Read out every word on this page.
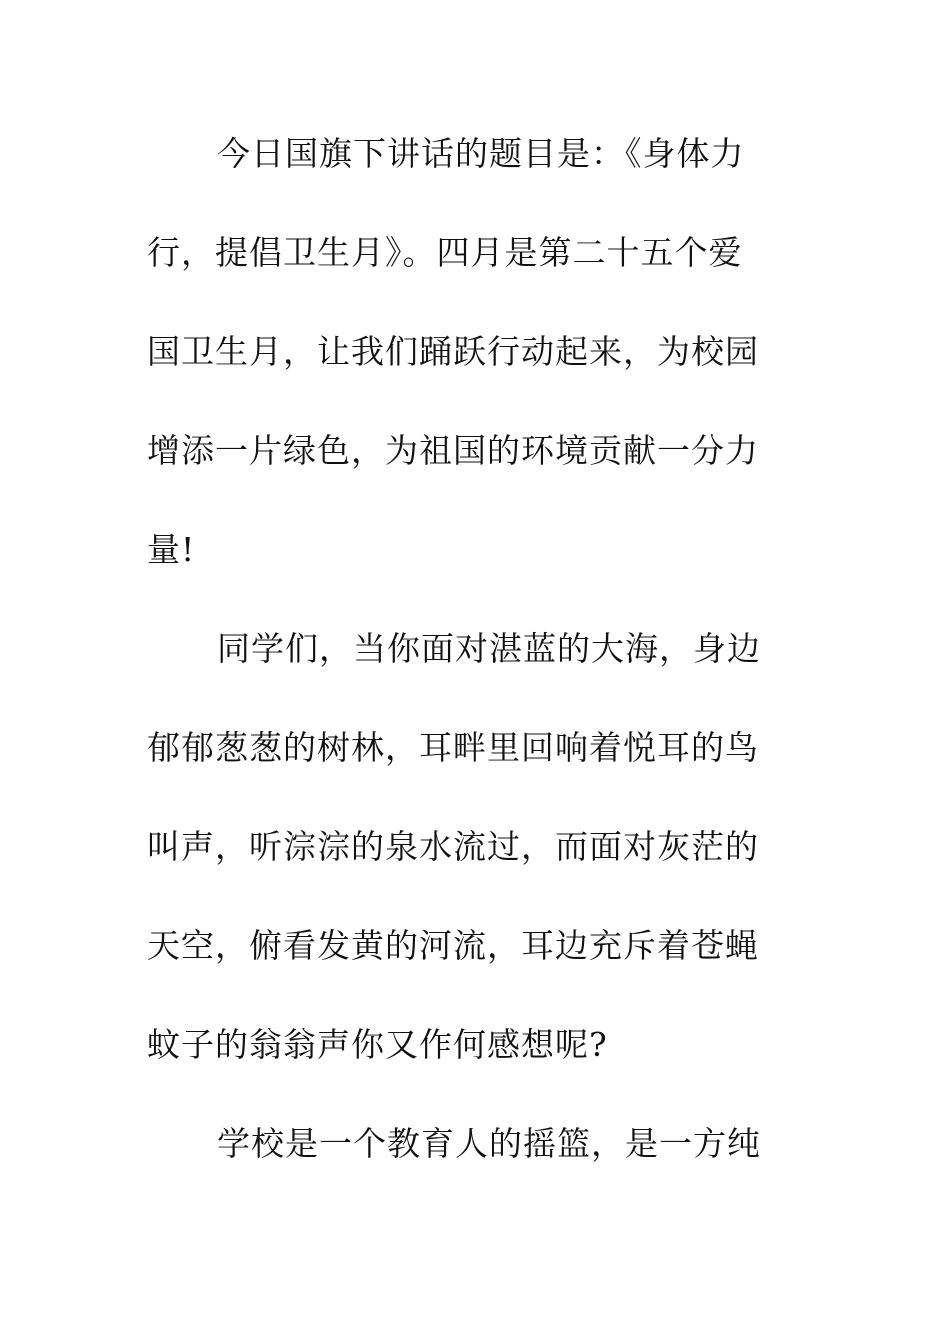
今日国旗下讲话的题目是：《身体力
行，提倡卫生月》。四月是第二十五个爱
国卫生月，让我们踊跃行动起来，为校园
增添一片绿色，为祖国的环境贡献一分力
量!
同学们，当你面对湛蓝的大海，身边
郁郁葱葱的树林，耳畔里回响着悦耳的鸟
叫声，听淙淙的泉水流过，而面对灰茫的
天空，俯看发黄的河流，耳边充斥着苍蝇
蚊子的翁翁声你又作何感想呢?
学校是一个教育人的摇篮，是一方纯
